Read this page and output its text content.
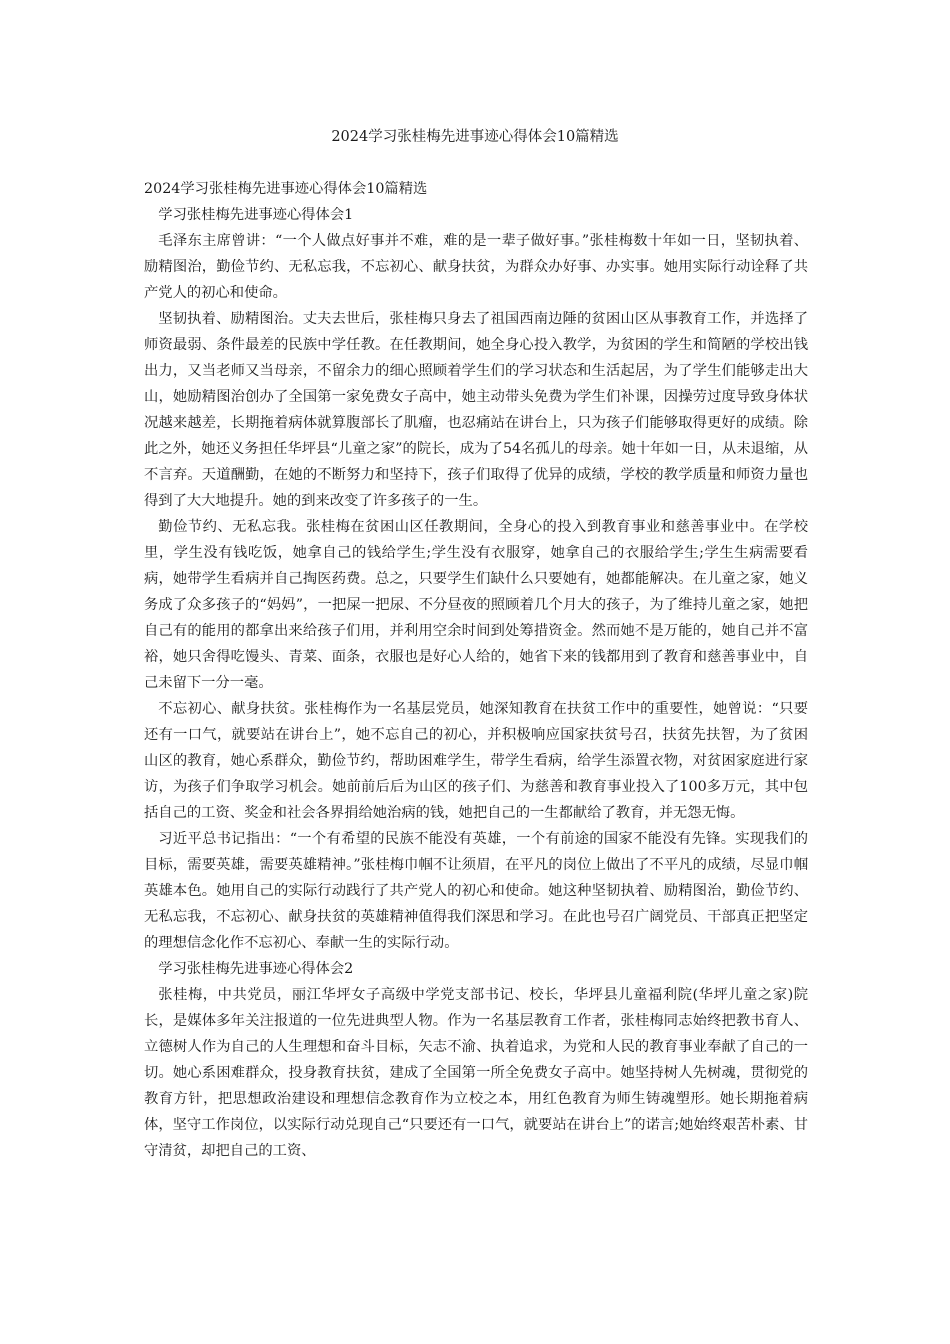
2024学习张桂梅先进事迹心得体会10篇精选

2024学习张桂梅先进事迹心得体会10篇精选

学习张桂梅先进事迹心得体会1

毛泽东主席曾讲：“一个人做点好事并不难，难的是一辈子做好事。”张桂梅数十年如一日，坚韧执着、励精图治，勤俭节约、无私忘我，不忘初心、献身扶贫，为群众办好事、办实事。她用实际行动诠释了共产党人的初心和使命。

坚韧执着、励精图治。丈夫去世后，张桂梅只身去了祖国西南边陲的贫困山区从事教育工作，并选择了师资最弱、条件最差的民族中学任教。在任教期间，她全身心投入教学，为贫困的学生和简陋的学校出钱出力，又当老师又当母亲，不留余力的细心照顾着学生们的学习状态和生活起居，为了学生们能够走出大山，她励精图治创办了全国第一家免费女子高中，她主动带头免费为学生们补课，因操劳过度导致身体状况越来越差，长期拖着病体就算腹部长了肌瘤，也忍痛站在讲台上，只为孩子们能够取得更好的成绩。除此之外，她还义务担任华坪县“儿童之家”的院长，成为了54名孤儿的母亲。她十年如一日，从未退缩，从不言弃。天道酬勤，在她的不断努力和坚持下，孩子们取得了优异的成绩，学校的教学质量和师资力量也得到了大大地提升。她的到来改变了许多孩子的一生。

勤俭节约、无私忘我。张桂梅在贫困山区任教期间，全身心的投入到教育事业和慈善事业中。在学校里，学生没有钱吃饭，她拿自己的钱给学生;学生没有衣服穿，她拿自己的衣服给学生;学生生病需要看病，她带学生看病并自己掏医药费。总之，只要学生们缺什么只要她有，她都能解决。在儿童之家，她义务成了众多孩子的“妈妈”，一把屎一把尿、不分昼夜的照顾着几个月大的孩子，为了维持儿童之家，她把自己有的能用的都拿出来给孩子们用，并利用空余时间到处筹措资金。然而她不是万能的，她自己并不富裕，她只舍得吃馒头、青菜、面条，衣服也是好心人给的，她省下来的钱都用到了教育和慈善事业中，自己未留下一分一毫。

不忘初心、献身扶贫。张桂梅作为一名基层党员，她深知教育在扶贫工作中的重要性，她曾说：“只要还有一口气，就要站在讲台上”，她不忘自己的初心，并积极响应国家扶贫号召，扶贫先扶智，为了贫困山区的教育，她心系群众，勤俭节约，帮助困难学生，带学生看病，给学生添置衣物，对贫困家庭进行家访，为孩子们争取学习机会。她前前后后为山区的孩子们、为慈善和教育事业投入了100多万元，其中包括自己的工资、奖金和社会各界捐给她治病的钱，她把自己的一生都献给了教育，并无怨无悔。

习近平总书记指出：“一个有希望的民族不能没有英雄，一个有前途的国家不能没有先锋。实现我们的目标，需要英雄，需要英雄精神。”张桂梅巾帼不让须眉，在平凡的岗位上做出了不平凡的成绩，尽显巾帼英雄本色。她用自己的实际行动践行了共产党人的初心和使命。她这种坚韧执着、励精图治，勤俭节约、无私忘我，不忘初心、献身扶贫的英雄精神值得我们深思和学习。在此也号召广阔党员、干部真正把坚定的理想信念化作不忘初心、奉献一生的实际行动。

学习张桂梅先进事迹心得体会2

张桂梅，中共党员，丽江华坪女子高级中学党支部书记、校长，华坪县儿童福利院(华坪儿童之家)院长，是媒体多年关注报道的一位先进典型人物。作为一名基层教育工作者，张桂梅同志始终把教书育人、立德树人作为自己的人生理想和奋斗目标，矢志不渝、执着追求，为党和人民的教育事业奉献了自己的一切。她心系困难群众，投身教育扶贫，建成了全国第一所全免费女子高中。她坚持树人先树魂，贯彻党的教育方针，把思想政治建设和理想信念教育作为立校之本，用红色教育为师生铸魂塑形。她长期拖着病体，坚守工作岗位，以实际行动兑现自己“只要还有一口气，就要站在讲台上”的诺言;她始终艰苦朴素、甘守清贫，却把自己的工资、
